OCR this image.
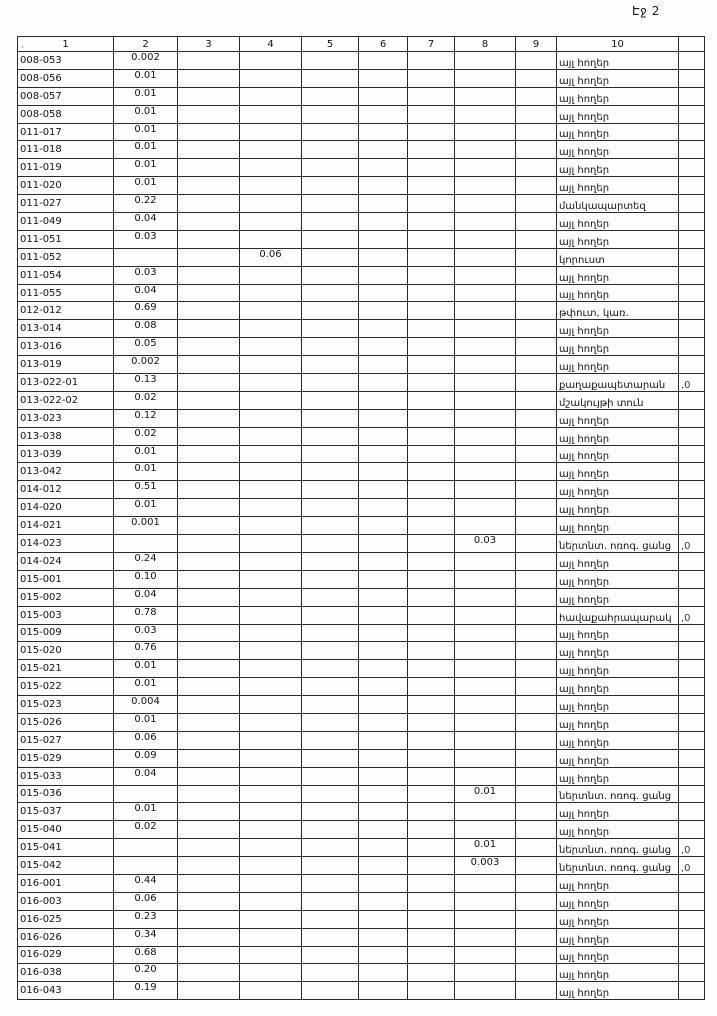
Էջ 2
·	1	2	3	4	5	6	7	8	9	10	
008-053	0.002								այլ հողեր	
008-056	0.01								այլ հողեր	
008-057	0.01								այլ հողեր	
008-058	0.01								այլ հողեր	
011-017	0.01								այլ հողեր	
011-018	0.01								այլ հողեր	
011-019	0.01								այլ հողեր	
011-020	0.01								այլ հողեր	
011-027	0.22								մանկապարտեզ	
011-049	0.04								այլ հողեր	
011-051	0.03								այլ հողեր	
011-052			0.06						կորուստ	
011-054	0.03								այլ հողեր	
011-055	0.04								այլ հողեր	
012-012	0.69								թփուտ, կառ.	
013-014	0.08								այլ հողեր	
013-016	0.05								այլ հողեր	
013-019	0.002								այլ հողեր	
013-022-01	0.13								քաղաքապետարան	,0
013-022-02	0.02								մշակույթի տուն	
013-023	0.12								այլ հողեր	
013-038	0.02								այլ հողեր	
013-039	0.01								այլ հողեր	
013-042	0.01								այլ հողեր	
014-012	0.51								այլ հողեր	
014-020	0.01								այլ հողեր	
014-021	0.001								այլ հողեր	
014-023							0.03		ներտնտ. ոռոգ. ցանց	,0
014-024	0.24								այլ հողեր	
015-001	0.10								այլ հողեր	
015-002	0.04								այլ հողեր	
015-003	0.78								հավաքահրապարակ	,0
015-009	0.03								այլ հողեր	
015-020	0.76								այլ հողեր	
015-021	0.01								այլ հողեր	
015-022	0.01								այլ հողեր	
015-023	0.004								այլ հողեր	
015-026	0.01								այլ հողեր	
015-027	0.06								այլ հողեր	
015-029	0.09								այլ հողեր	
015-033	0.04								այլ հողեր	
015-036							0.01		ներտնտ. ոռոգ. ցանց	
015-037	0.01								այլ հողեր	
015-040	0.02								այլ հողեր	
015-041							0.01		ներտնտ. ոռոգ. ցանց	,0
015-042							0.003		ներտնտ. ոռոգ. ցանց	,0
016-001	0.44								այլ հողեր	
016-003	0.06								այլ հողեր	
016-025	0.23								այլ հողեր	
016-026	0.34								այլ հողեր	
016-029	0.68								այլ հողեր	
016-038	0.20								այլ հողեր	
016-043	0.19								այլ հողեր	
